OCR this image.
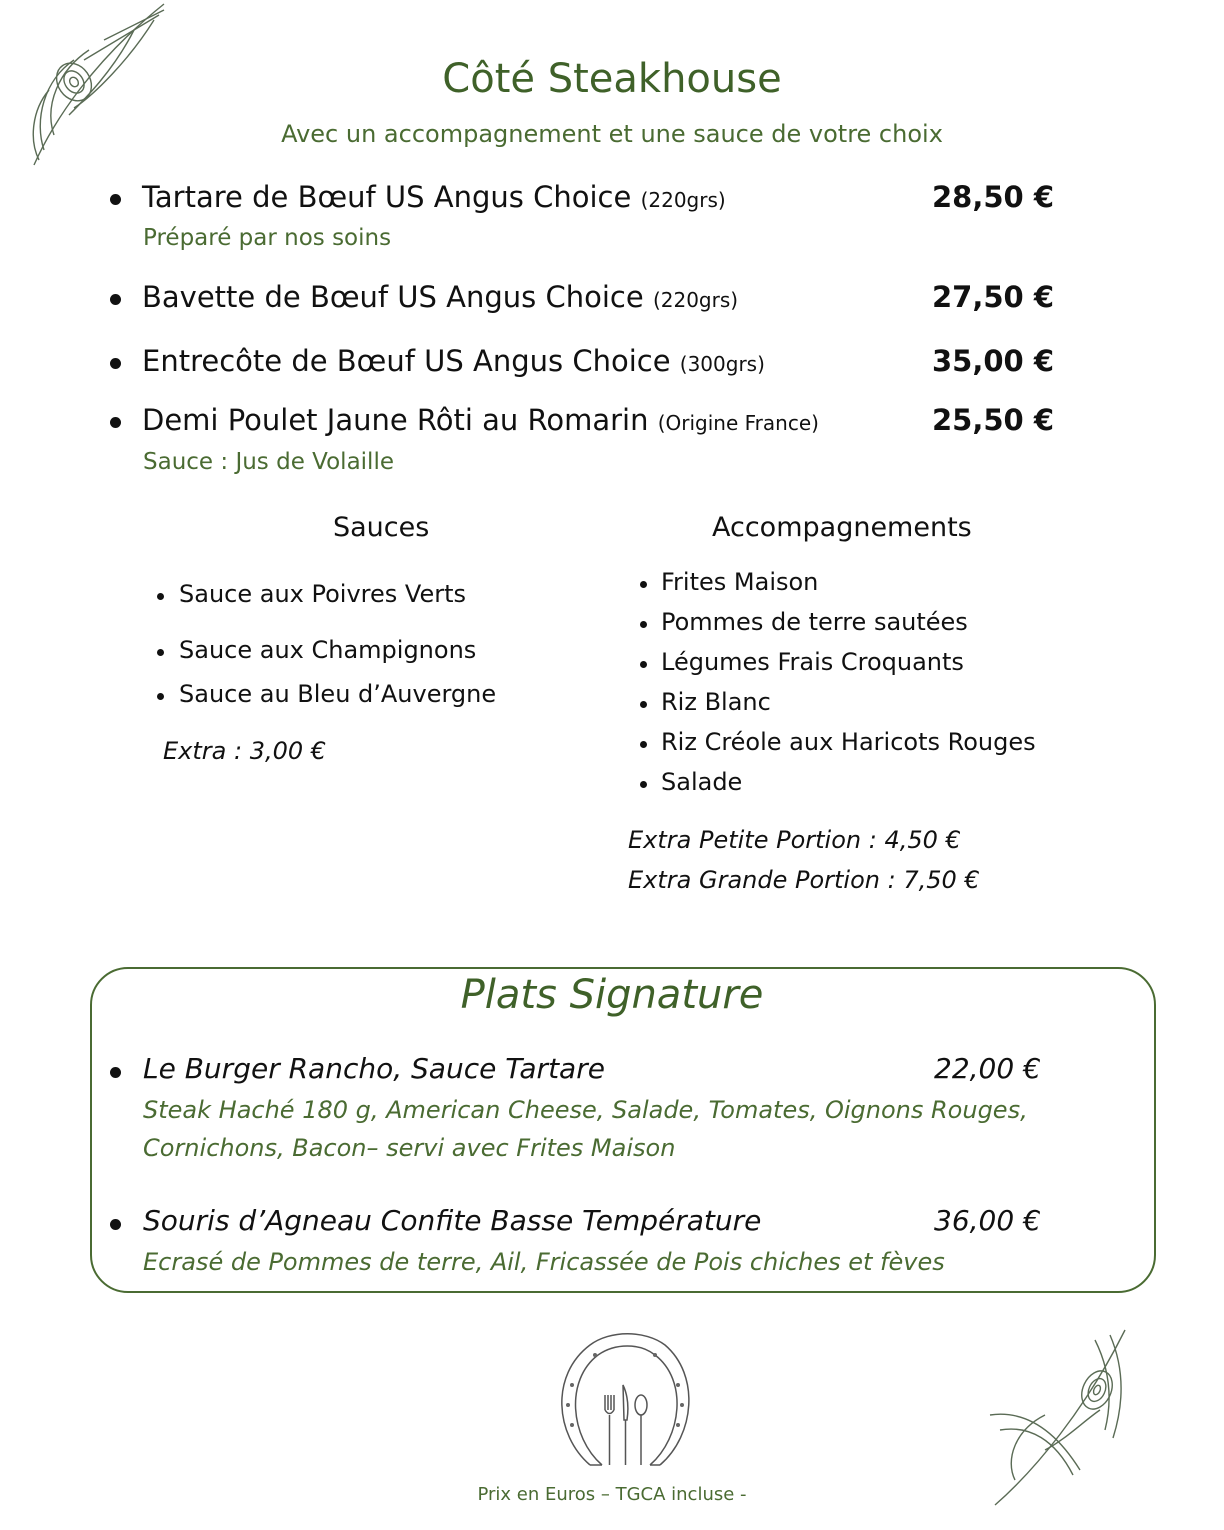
Côté Steakhouse
Avec un accompagnement et une sauce de votre choix
Tartare de Bœuf US Angus Choice (220grs)	28,50 €
Préparé par nos soins
Bavette de Bœuf US Angus Choice (220grs)	27,50 €
Entrecôte de Bœuf US Angus Choice (300grs)	35,00 €
Demi Poulet Jaune Rôti au Romarin (Origine France)	25,50 €
Sauce : Jus de Volaille
Sauces
Sauce aux Poivres Verts
Sauce aux Champignons
Sauce au Bleu d’Auvergne
Extra : 3,00 €
Accompagnements
Frites Maison
Pommes de terre sautées
Légumes Frais Croquants
Riz Blanc
Riz Créole aux Haricots Rouges
Salade
Extra Petite Portion : 4,50 €
Extra Grande Portion : 7,50 €
Plats Signature
Le Burger Rancho, Sauce Tartare	22,00 €
Steak Haché 180 g, American Cheese, Salade, Tomates, Oignons Rouges,
Cornichons, Bacon– servi avec Frites Maison
Souris d’Agneau Confite Basse Température	36,00 €
Ecrasé de Pommes de terre, Ail, Fricassée de Pois chiches et fèves
Prix en Euros – TGCA incluse -
